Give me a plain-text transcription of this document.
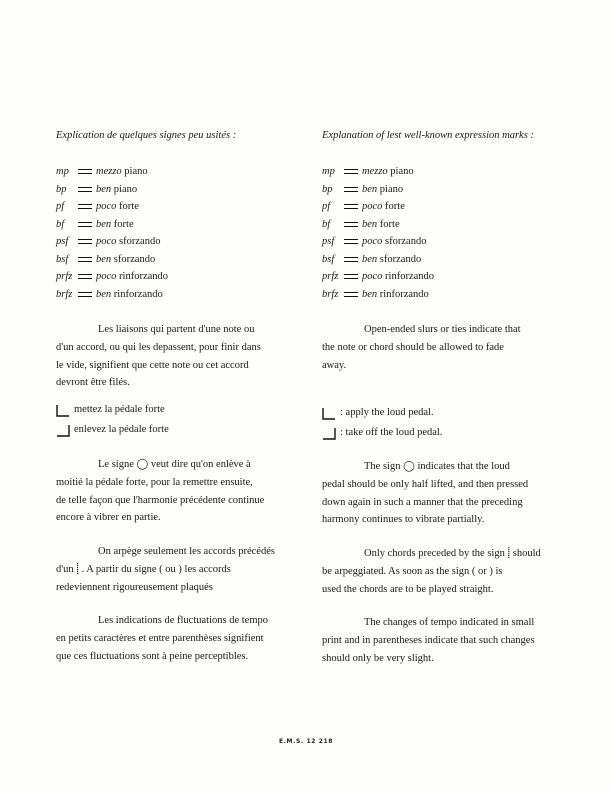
Explication de quelques signes peu usités :
mp	mezzo piano
bp	ben piano
pf	poco forte
bf	ben forte
psf	poco sforzando
bsf	ben sforzando
prfz poco rinforzando
brfz ben rinforzando
Les liaisons qui partent d'une note ou
d'un accord, ou qui les depassent, pour finir dans
le vide, signifient que cette note ou cet accord
devront être filés.
mettez la pédale forte
enlevez la pédale forte
Le signe ◯ veut dire qu'on enlève à
moitié la pédale forte, pour la remettre ensuite,
de telle façon que l'harmonie précédente continue
encore à vibrer en partie.
On arpège seulement les accords précédés
d'un ⸽ . A partir du signe ( ou ) les accords
redeviennent rigoureusement plaqués
Les indications de fluctuations de tempo
en petits caractères et entre parenthèses signifient
que ces fluctuations sont à peine perceptibles.
Explanation of lest well-known expression marks :
mp	mezzo piano
bp	ben piano
pf	poco forte
bf	ben forte
psf	poco sforzando
bsf	ben sforzando
prfz poco rinforzando
brfz ben rinforzando
Open-ended slurs or ties indicate that
the note or chord should be allowed to fade
away.
: apply the loud pedal.
: take off the loud pedal.
The sign ◯ indicates that the loud
pedal should be only half lifted, and then pressed
down again in such a manner that the preceding
harmony continues to vibrate partially.
Only chords preceded by the sign ⸽ should
be arpeggiated. As soon as the sign ( or ) is
used the chords are to be played straight.
The changes of tempo indicated in small
print and in parentheses indicate that such changes
should only be very slight.
E.M.S. 12 218
